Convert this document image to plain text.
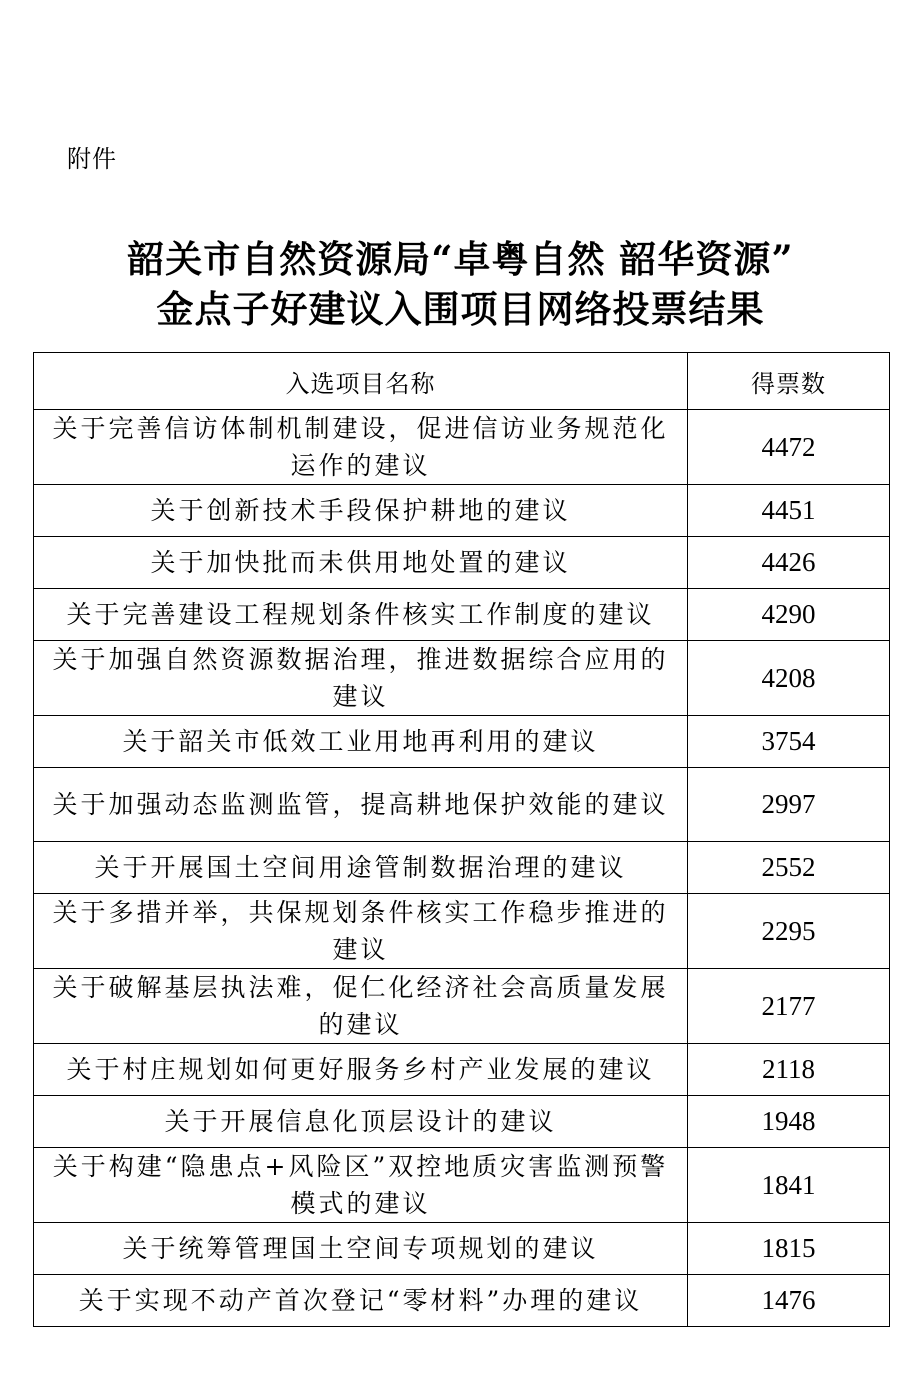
附件
韶关市自然资源局“卓粤自然 韶华资源”
金点子好建议入围项目网络投票结果
入选项目名称	得票数
关于完善信访体制机制建设，促进信访业务规范化运作的建议	4472
关于创新技术手段保护耕地的建议	4451
关于加快批而未供用地处置的建议	4426
关于完善建设工程规划条件核实工作制度的建议	4290
关于加强自然资源数据治理，推进数据综合应用的建议	4208
关于韶关市低效工业用地再利用的建议	3754
关于加强动态监测监管，提高耕地保护效能的建议	2997
关于开展国土空间用途管制数据治理的建议	2552
关于多措并举，共保规划条件核实工作稳步推进的建议	2295
关于破解基层执法难，促仁化经济社会高质量发展的建议	2177
关于村庄规划如何更好服务乡村产业发展的建议	2118
关于开展信息化顶层设计的建议	1948
关于构建“隐患点+风险区”双控地质灾害监测预警模式的建议	1841
关于统筹管理国土空间专项规划的建议	1815
关于实现不动产首次登记“零材料”办理的建议	1476
